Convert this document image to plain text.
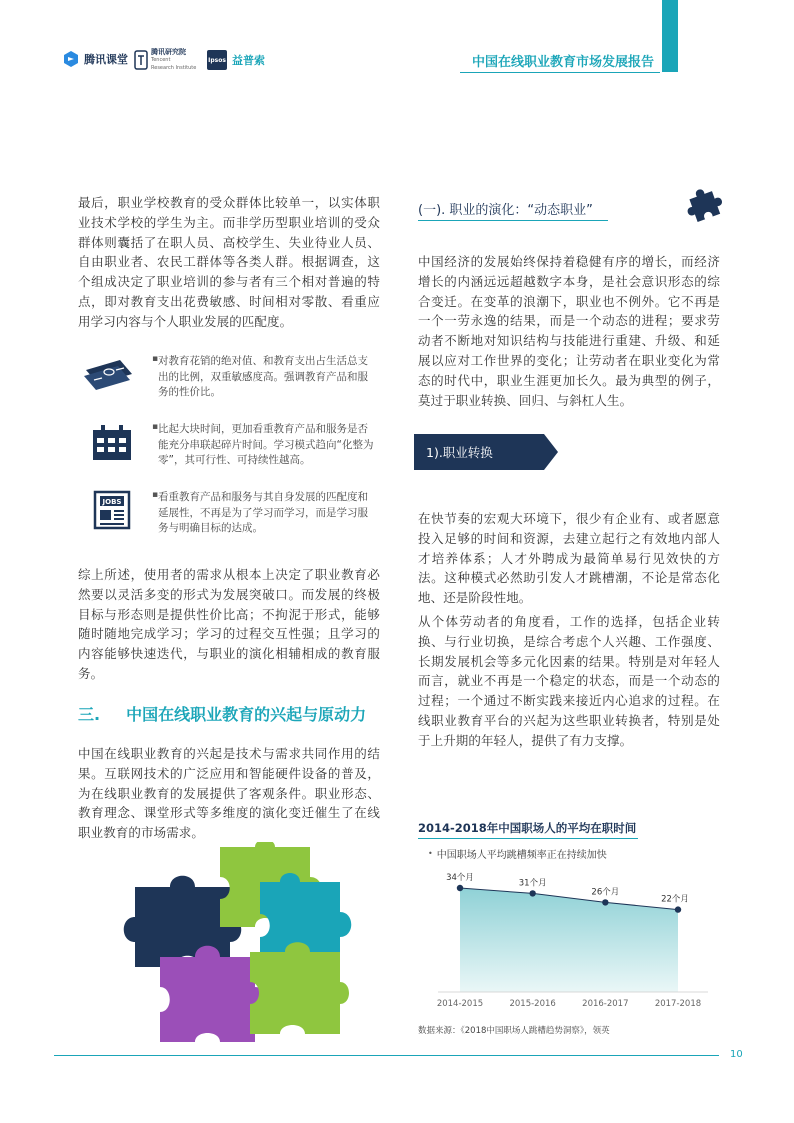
腾讯课堂
腾讯研究院
Tencent
Research Institute
Ipsos 益普索	中国在线职业教育市场发展报告
最后，职业学校教育的受众群体比较单一，以实体职业技术学校的学生为主。而非学历型职业培训的受众群体则囊括了在职人员、高校学生、失业待业人员、自由职业者、农民工群体等各类人群。根据调查，这个组成决定了职业培训的参与者有三个相对普遍的特点，即对教育支出花费敏感、时间相对零散、看重应用学习内容与个人职业发展的匹配度。
▪ 对教育花销的绝对值、和教育支出占生活总支出的比例，双重敏感度高。强调教育产品和服务的性价比。
▪ 比起大块时间，更加看重教育产品和服务是否能充分串联起碎片时间。学习模式趋向“化整为零”，其可行性、可持续性越高。
JOBS
▪ 看重教育产品和服务与其自身发展的匹配度和延展性，不再是为了学习而学习，而是学习服务与明确目标的达成。
综上所述，使用者的需求从根本上决定了职业教育必然要以灵活多变的形式为发展突破口。而发展的终极目标与形态则是提供性价比高；不拘泥于形式，能够随时随地完成学习；学习的过程交互性强；且学习的内容能够快速迭代，与职业的演化相辅相成的教育服务。
三. 中国在线职业教育的兴起与原动力
中国在线职业教育的兴起是技术与需求共同作用的结果。互联网技术的广泛应用和智能硬件设备的普及，为在线职业教育的发展提供了客观条件。职业形态、教育理念、课堂形式等多维度的演化变迁催生了在线职业教育的市场需求。
(一). 职业的演化：“动态职业”
中国经济的发展始终保持着稳健有序的增长，而经济增长的内涵远远超越数字本身，是社会意识形态的综合变迁。在变革的浪潮下，职业也不例外。它不再是一个一劳永逸的结果，而是一个动态的进程；要求劳动者不断地对知识结构与技能进行重建、升级、和延展以应对工作世界的变化；让劳动者在职业变化为常态的时代中，职业生涯更加长久。最为典型的例子，莫过于职业转换、回归、与斜杠人生。
1).职业转换
在快节奏的宏观大环境下，很少有企业有、或者愿意投入足够的时间和资源，去建立起行之有效地内部人才培养体系；人才外聘成为最简单易行见效快的方法。这种模式必然助引发人才跳槽潮，不论是常态化地、还是阶段性地。
从个体劳动者的角度看，工作的选择，包括企业转换、与行业切换，是综合考虑个人兴趣、工作强度、长期发展机会等多元化因素的结果。特别是对年轻人而言，就业不再是一个稳定的状态，而是一个动态的过程；一个通过不断实践来接近内心追求的过程。在线职业教育平台的兴起为这些职业转换者，特别是处于上升期的年轻人，提供了有力支撑。
2014-2018年中国职场人的平均在职时间
• 中国职场人平均跳槽频率正在持续加快
34个月
2014-2015
31个月
2015-2016
26个月
2016-2017
22个月
2017-2018
数据来源：《2018中国职场人跳槽趋势洞察》，领英
10
